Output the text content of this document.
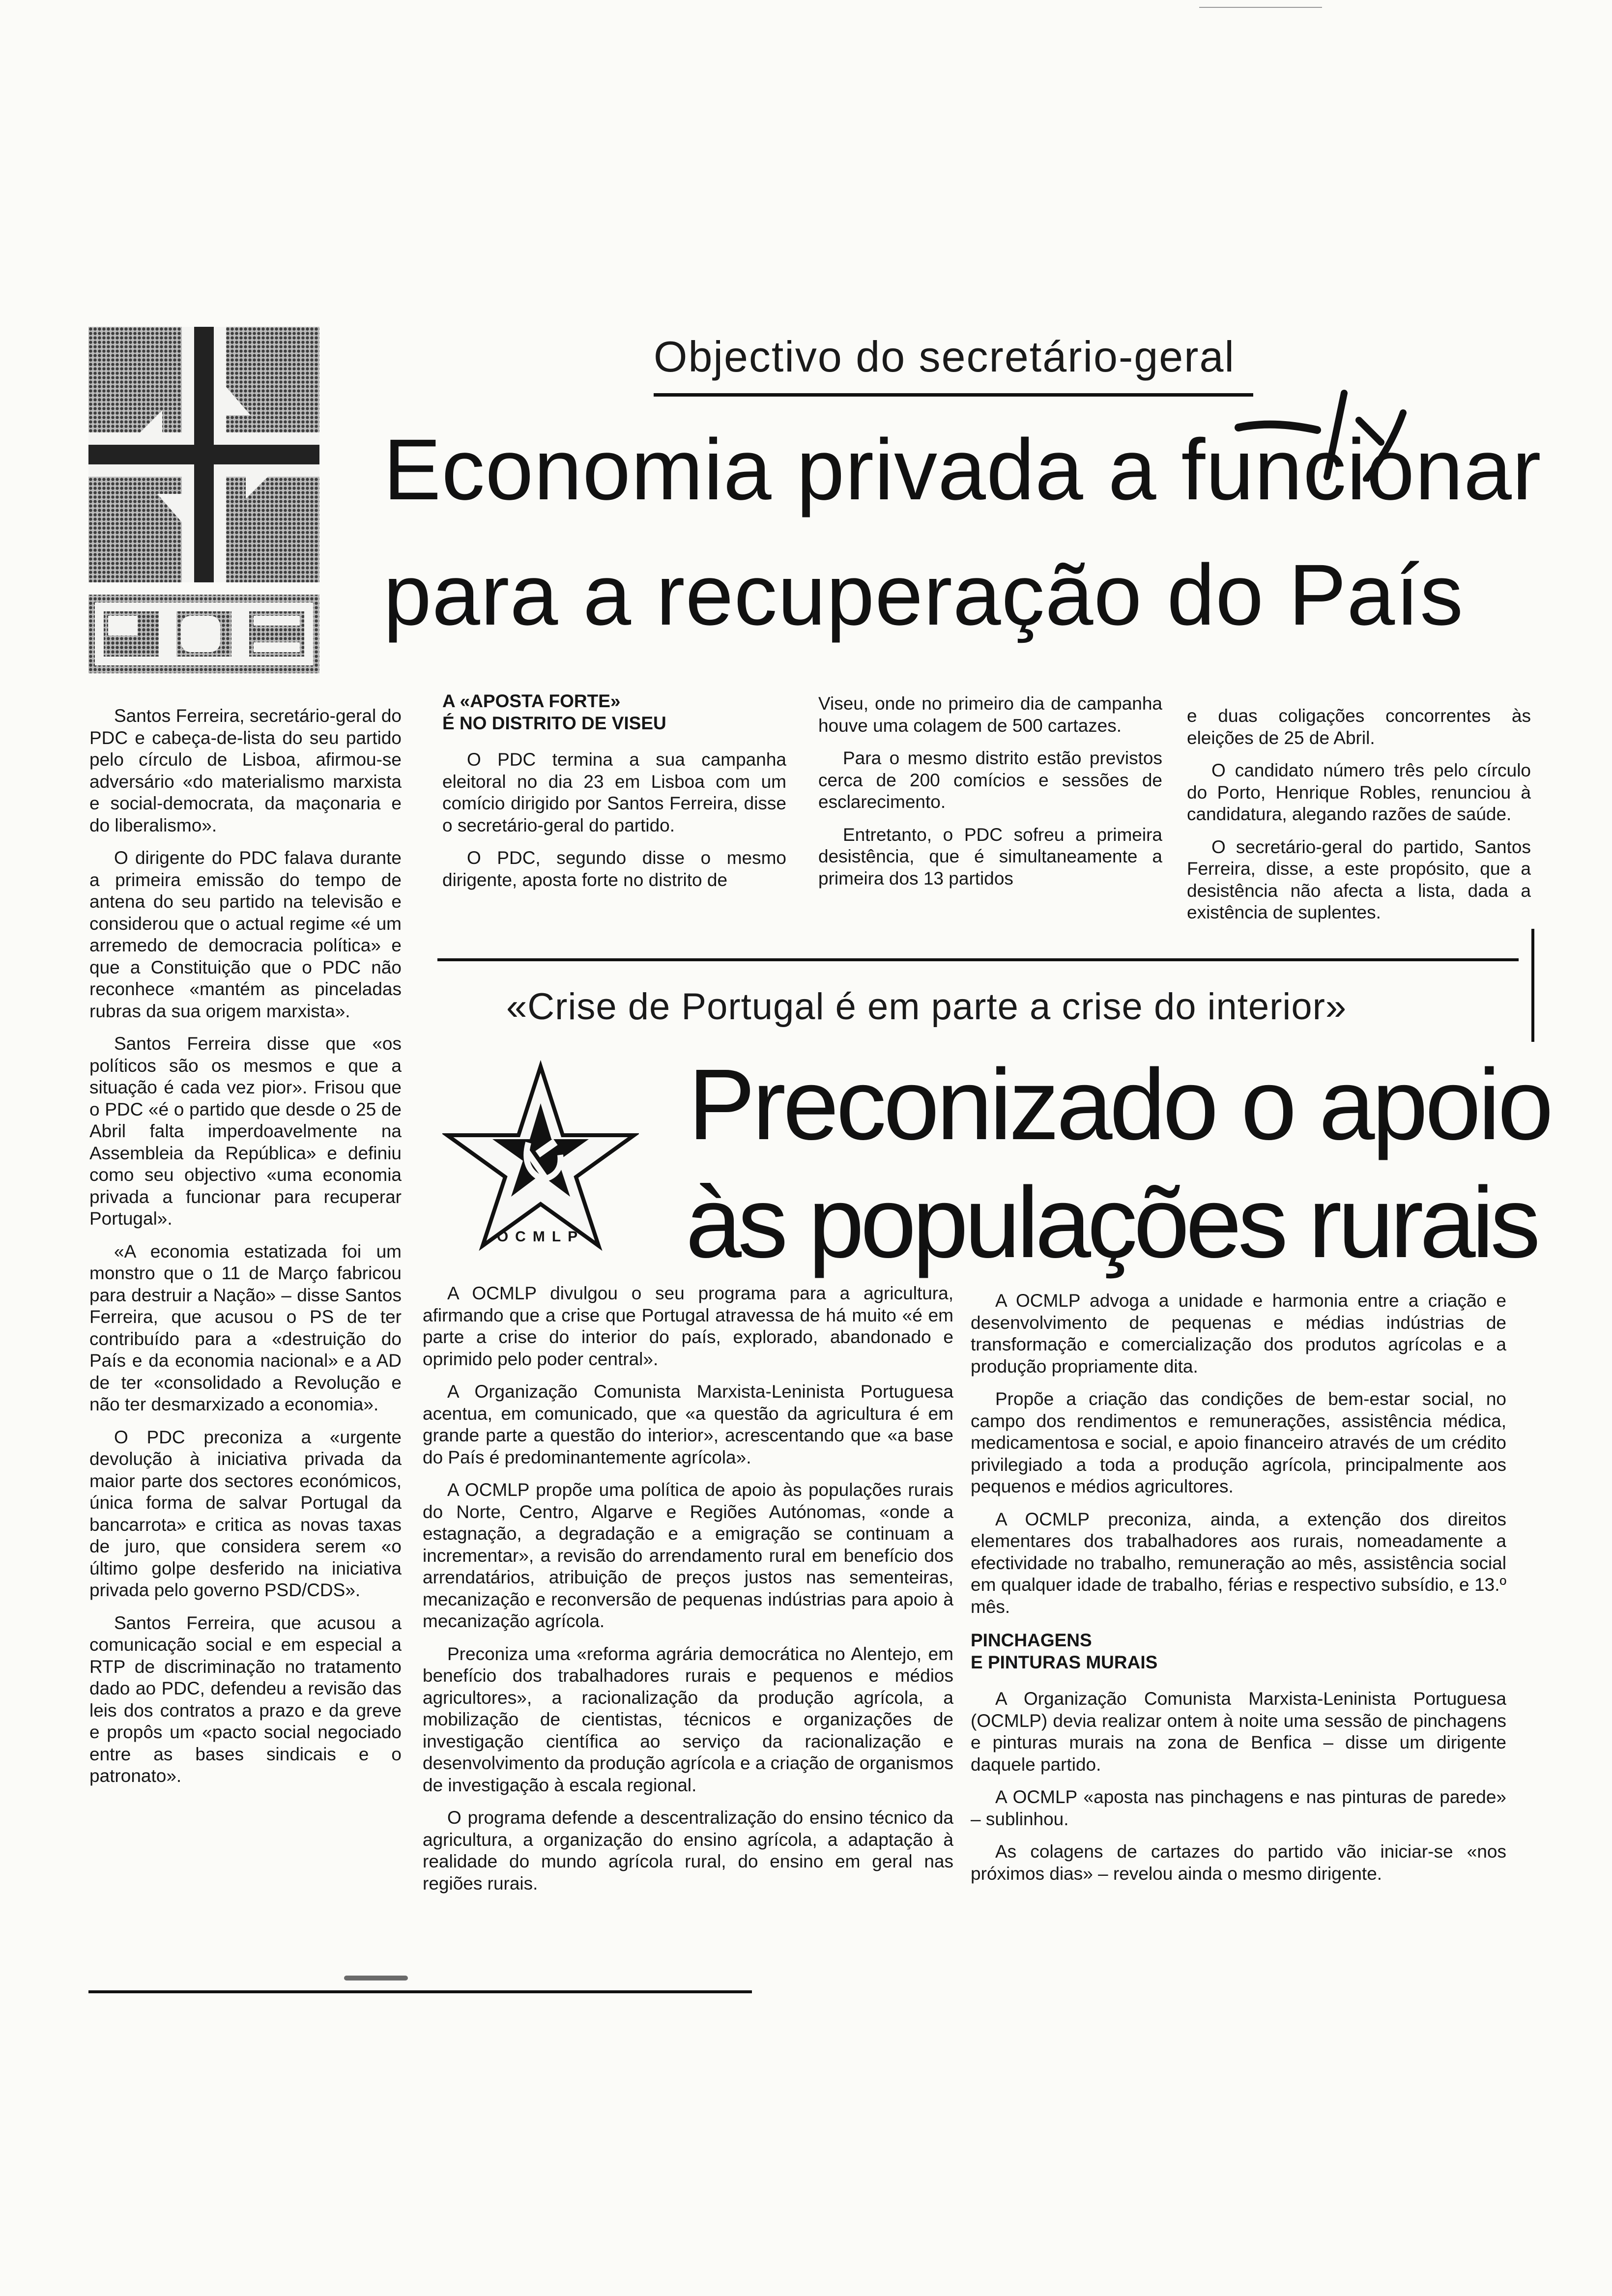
Objectivo do secretário-geral
Economia privada a funcionar
para a recuperação do País

Santos Ferreira, secretário-geral do PDC e cabeça-de-lista do seu partido pelo círculo de Lisboa, afirmou-se adversário «do materialismo marxista e social-democrata, da maçonaria e do liberalismo».

O dirigente do PDC falava durante a primeira emissão do tempo de antena do seu partido na televisão e considerou que o actual regime «é um arremedo de democracia política» e que a Constituição que o PDC não reconhece «mantém as pinceladas rubras da sua origem marxista».

Santos Ferreira disse que «os políticos são os mesmos e que a situação é cada vez pior». Frisou que o PDC «é o partido que desde o 25 de Abril falta imperdoavelmente na Assembleia da República» e definiu como seu objectivo «uma economia privada a funcionar para recuperar Portugal».

«A economia estatizada foi um monstro que o 11 de Março fabricou para destruir a Nação» – disse Santos Ferreira, que acusou o PS de ter contribuído para a «destruição do País e da economia nacional» e a AD de ter «consolidado a Revolução e não ter desmarxizado a economia».

O PDC preconiza a «urgente devolução à iniciativa privada da maior parte dos sectores económicos, única forma de salvar Portugal da bancarrota» e critica as novas taxas de juro, que considera serem «o último golpe desferido na iniciativa privada pelo governo PSD/CDS».

Santos Ferreira, que acusou a comunicação social e em especial a RTP de discriminação no tratamento dado ao PDC, defendeu a revisão das leis dos contratos a prazo e da greve e propôs um «pacto social negociado entre as bases sindicais e o patronato».

A «APOSTA FORTE»
É NO DISTRITO DE VISEU

O PDC termina a sua campanha eleitoral no dia 23 em Lisboa com um comício dirigido por Santos Ferreira, disse o secretário-geral do partido.

O PDC, segundo disse o mesmo dirigente, aposta forte no distrito de

Viseu, onde no primeiro dia de campanha houve uma colagem de 500 cartazes.

Para o mesmo distrito estão previstos cerca de 200 comícios e sessões de esclarecimento.

Entretanto, o PDC sofreu a primeira desistência, que é simultaneamente a primeira dos 13 partidos

e duas coligações concorrentes às eleições de 25 de Abril.

O candidato número três pelo círculo do Porto, Henrique Robles, renunciou à candidatura, alegando razões de saúde.

O secretário-geral do partido, Santos Ferreira, disse, a este propósito, que a desistência não afecta a lista, dada a existência de suplentes.

«Crise de Portugal é em parte a crise do interior»
OCMLP
Preconizado o apoio
às populações rurais

A OCMLP divulgou o seu programa para a agricultura, afirmando que a crise que Portugal atravessa de há muito «é em parte a crise do interior do país, explorado, abandonado e oprimido pelo poder central».

A Organização Comunista Marxista-Leninista Portuguesa acentua, em comunicado, que «a questão da agricultura é em grande parte a questão do interior», acrescentando que «a base do País é predominantemente agrícola».

A OCMLP propõe uma política de apoio às populações rurais do Norte, Centro, Algarve e Regiões Autónomas, «onde a estagnação, a degradação e a emigração se continuam a incrementar», a revisão do arrendamento rural em benefício dos arrendatários, atribuição de preços justos nas sementeiras, mecanização e reconversão de pequenas indústrias para apoio à mecanização agrícola.

Preconiza uma «reforma agrária democrática no Alentejo, em benefício dos trabalhadores rurais e pequenos e médios agricultores», a racionalização da produção agrícola, a mobilização de cientistas, técnicos e organizações de investigação científica ao serviço da racionalização e desenvolvimento da produção agrícola e a criação de organismos de investigação à escala regional.

O programa defende a descentralização do ensino técnico da agricultura, a organização do ensino agrícola, a adaptação à realidade do mundo agrícola rural, do ensino em geral nas regiões rurais.

A OCMLP advoga a unidade e harmonia entre a criação e desenvolvimento de pequenas e médias indústrias de transformação e comercialização dos produtos agrícolas e a produção propriamente dita.

Propõe a criação das condições de bem-estar social, no campo dos rendimentos e remunerações, assistência médica, medicamentosa e social, e apoio financeiro através de um crédito privilegiado a toda a produção agrícola, principalmente aos pequenos e médios agricultores.

A OCMLP preconiza, ainda, a extenção dos direitos elementares dos trabalhadores aos rurais, nomeadamente a efectividade no trabalho, remuneração ao mês, assistência social em qualquer idade de trabalho, férias e respectivo subsídio, e 13.º mês.

PINCHAGENS
E PINTURAS MURAIS

A Organização Comunista Marxista-Leninista Portuguesa (OCMLP) devia realizar ontem à noite uma sessão de pinchagens e pinturas murais na zona de Benfica – disse um dirigente daquele partido.

A OCMLP «aposta nas pinchagens e nas pinturas de parede» – sublinhou.

As colagens de cartazes do partido vão iniciar-se «nos próximos dias» – revelou ainda o mesmo dirigente.
